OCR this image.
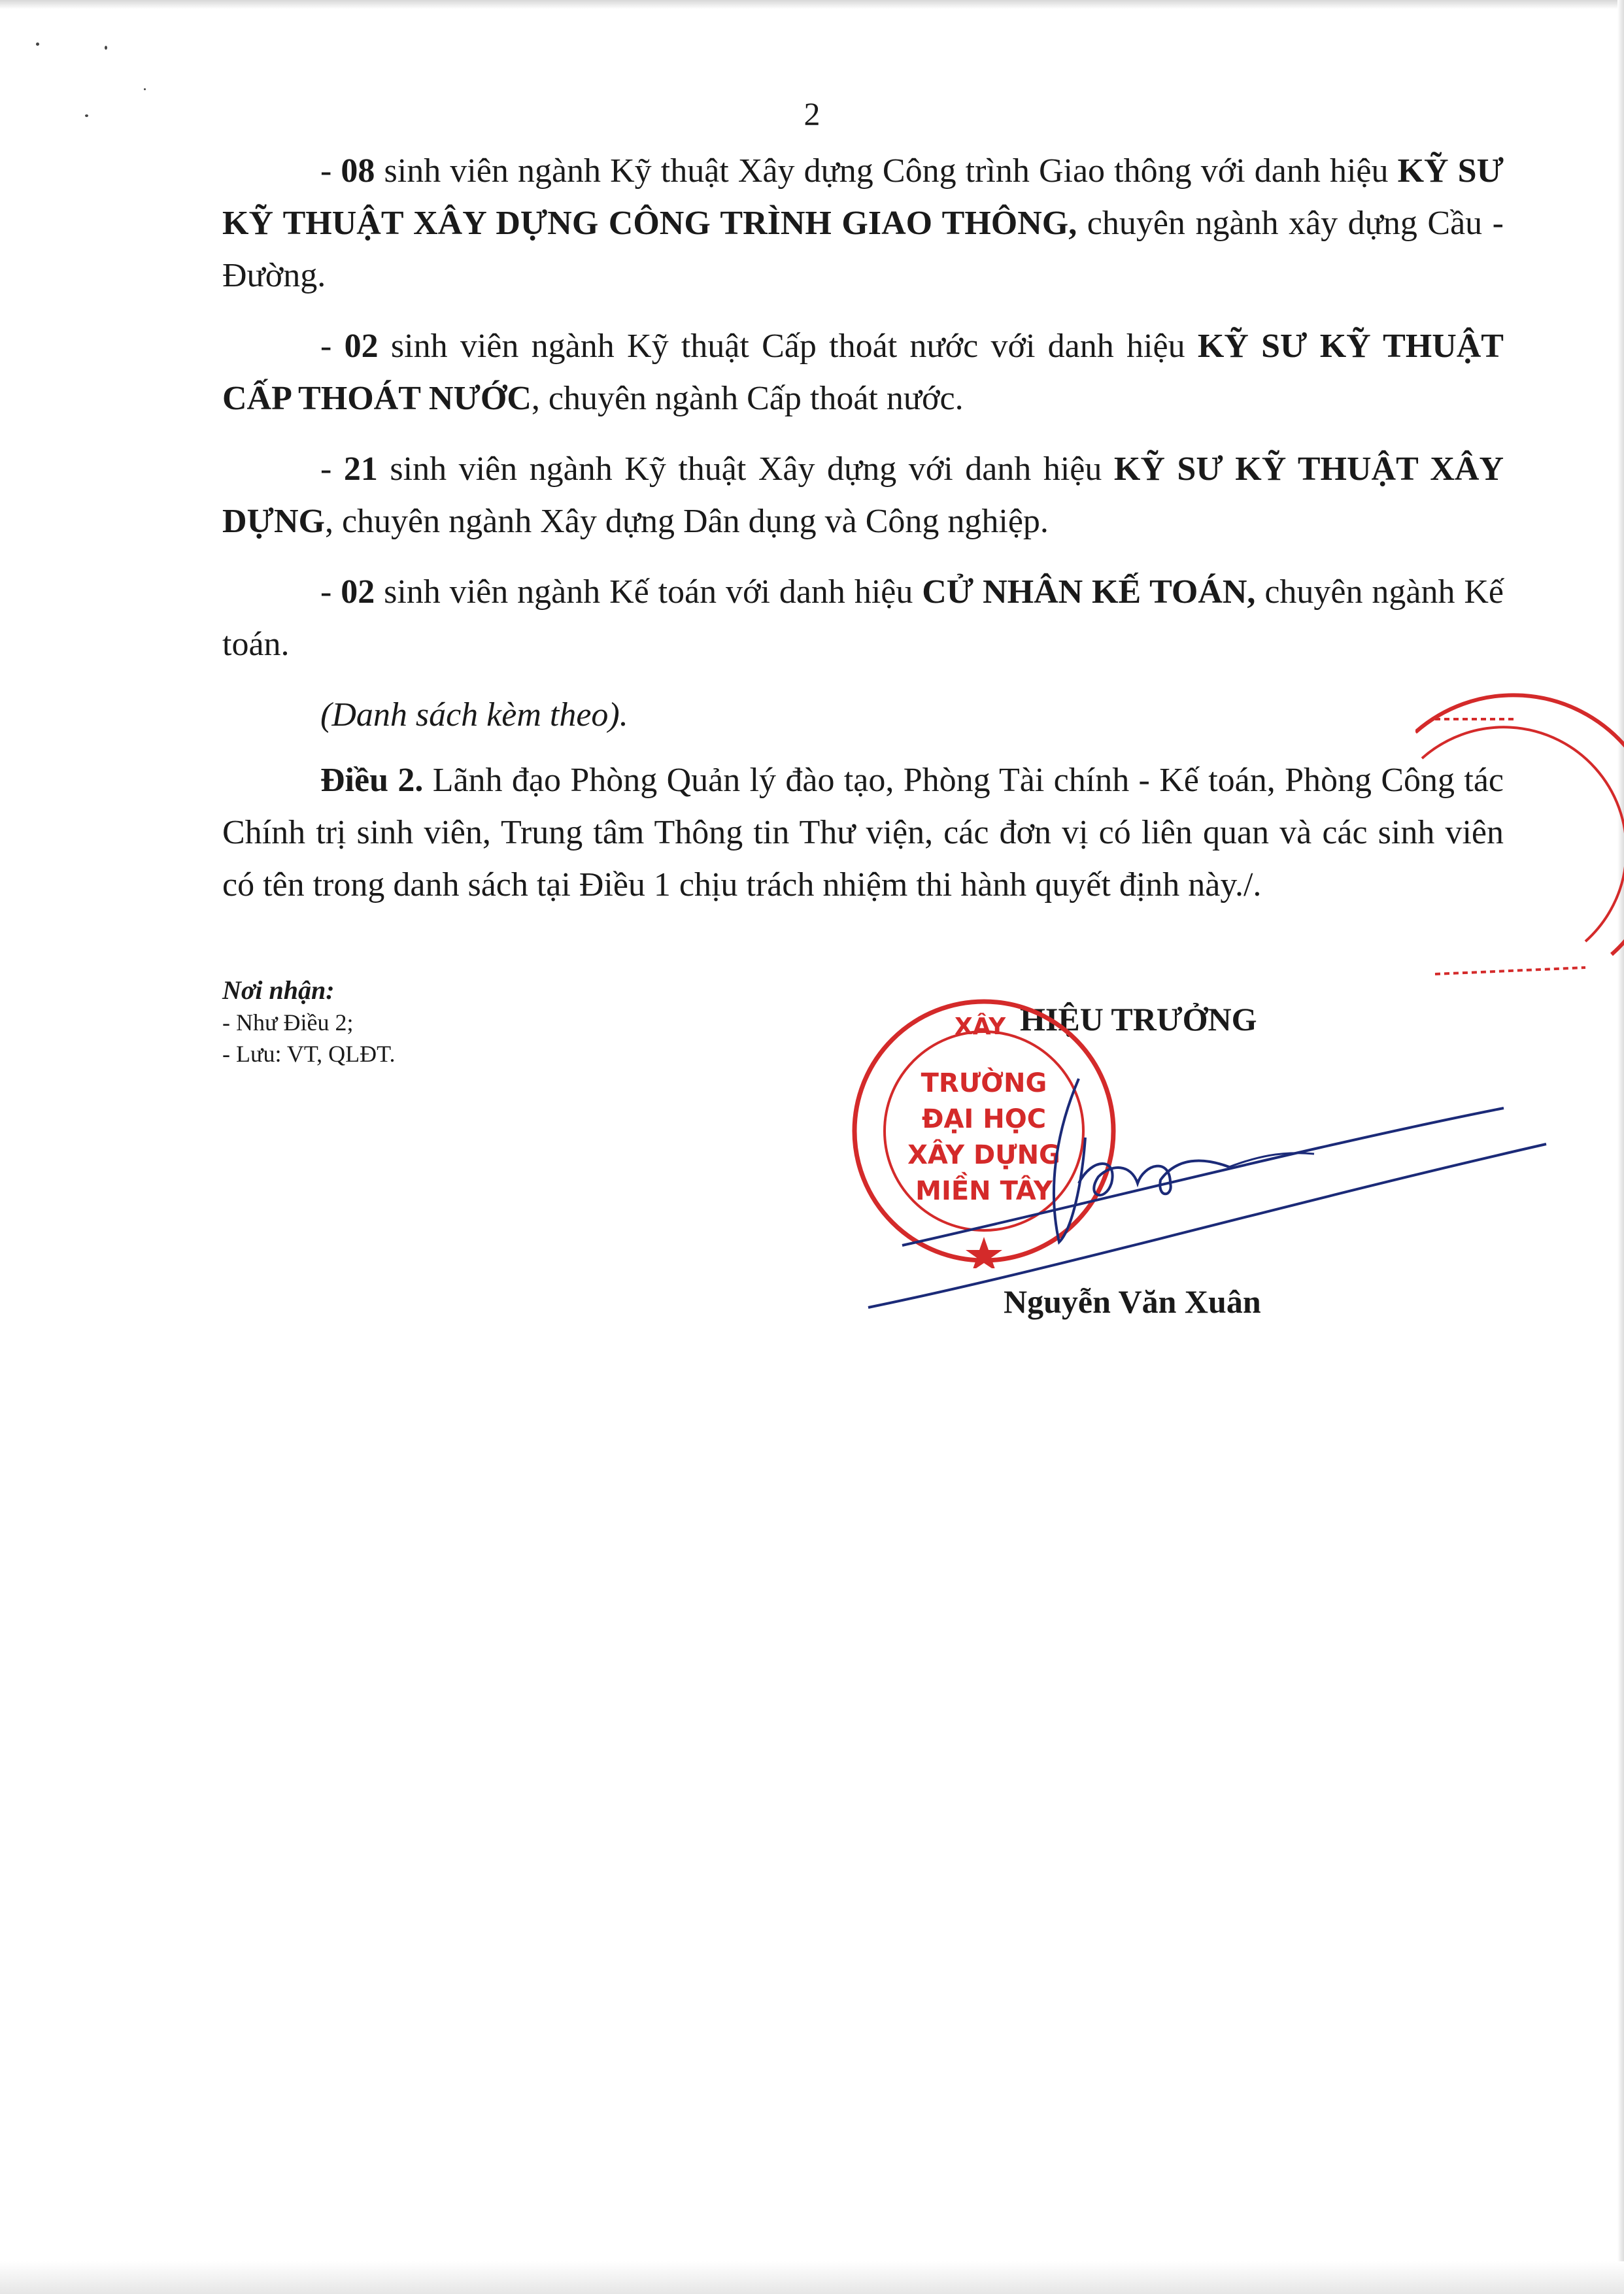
2

- 08 sinh viên ngành Kỹ thuật Xây dựng Công trình Giao thông với danh hiệu KỸ SƯ KỸ THUẬT XÂY DỰNG CÔNG TRÌNH GIAO THÔNG, chuyên ngành xây dựng Cầu - Đường.

- 02 sinh viên ngành Kỹ thuật Cấp thoát nước với danh hiệu KỸ SƯ KỸ THUẬT CẤP THOÁT NƯỚC, chuyên ngành Cấp thoát nước.

- 21 sinh viên ngành Kỹ thuật Xây dựng với danh hiệu KỸ SƯ KỸ THUẬT XÂY DỰNG, chuyên ngành Xây dựng Dân dụng và Công nghiệp.

- 02 sinh viên ngành Kế toán với danh hiệu CỬ NHÂN KẾ TOÁN, chuyên ngành Kế toán.

(Danh sách kèm theo).

Điều 2. Lãnh đạo Phòng Quản lý đào tạo, Phòng Tài chính - Kế toán, Phòng Công tác Chính trị sinh viên, Trung tâm Thông tin Thư viện, các đơn vị có liên quan và các sinh viên có tên trong danh sách tại Điều 1 chịu trách nhiệm thi hành quyết định này./.

Nơi nhận:
- Như Điều 2;
- Lưu: VT, QLĐT.
HIỆU TRƯỞNG
XÂY
TRƯỜNG
ĐẠI HỌC
XÂY DỰNG
MIỀN TÂY
Nguyễn Văn Xuân
